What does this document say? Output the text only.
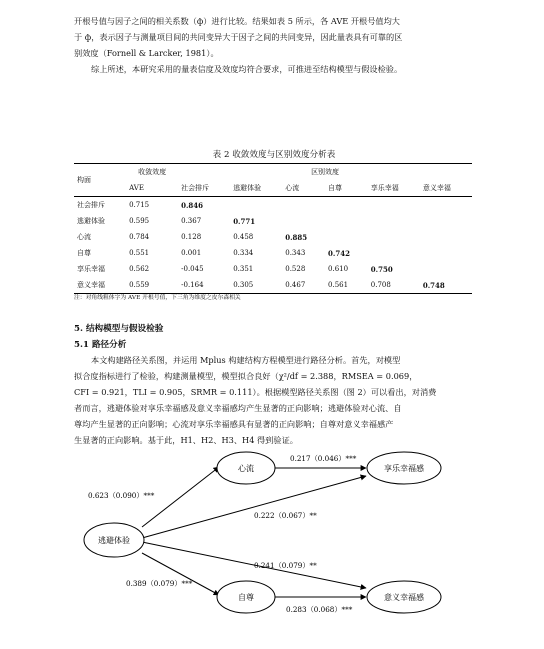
开根号值与因子之间的相关系数（ф）进行比较。结果如表 5 所示，各 AVE 开根号值均大
于 ф，表示因子与测量项目间的共同变异大于因子之间的共同变异，因此量表具有可靠的区
别效度（Fornell & Larcker, 1981）。

综上所述，本研究采用的量表信度及效度均符合要求，可推进至结构模型与假设检验。

表 2 收敛效度与区别效度分析表
构面	收敛效度	区别效度					
	AVE	社会排斥	逃避体验	心流	自尊	享乐幸福	意义幸福
社会排斥	0.715	0.846					
逃避体验	0.595	0.367	0.771				
心流	0.784	0.128	0.458	0.885			
自尊	0.551	0.001	0.334	0.343	0.742		
享乐幸福	0.562	-0.045	0.351	0.528	0.610	0.750	
意义幸福	0.559	-0.164	0.305	0.467	0.561	0.708	0.748
注：对角线粗体字为 AVE 开根号值，下三角为维度之皮尔森相关
5. 结构模型与假设检验
5.1 路径分析

本文构建路径关系图，并运用 Mplus 构建结构方程模型进行路径分析。首先，对模型
拟合度指标进行了检验，构建测量模型，模型拟合良好（χ²/df = 2.388，RMSEA = 0.069，
CFI = 0.921，TLI = 0.905，SRMR = 0.111）。根据模型路径关系图（图 2）可以看出，对消费
者而言，逃避体验对享乐幸福感及意义幸福感均产生显著的正向影响；逃避体验对心流、自
尊均产生显著的正向影响；心流对享乐幸福感具有显著的正向影响；自尊对意义幸福感产
生显著的正向影响。基于此，H1、H2、H3、H4 得到验证。

逃避体验
心流
自尊
享乐幸福感
意义幸福感
0.623（0.090）***
0.389（0.079）***
0.217（0.046）***
0.222（0.067）**
0.241（0.079）**
0.283（0.068）***
